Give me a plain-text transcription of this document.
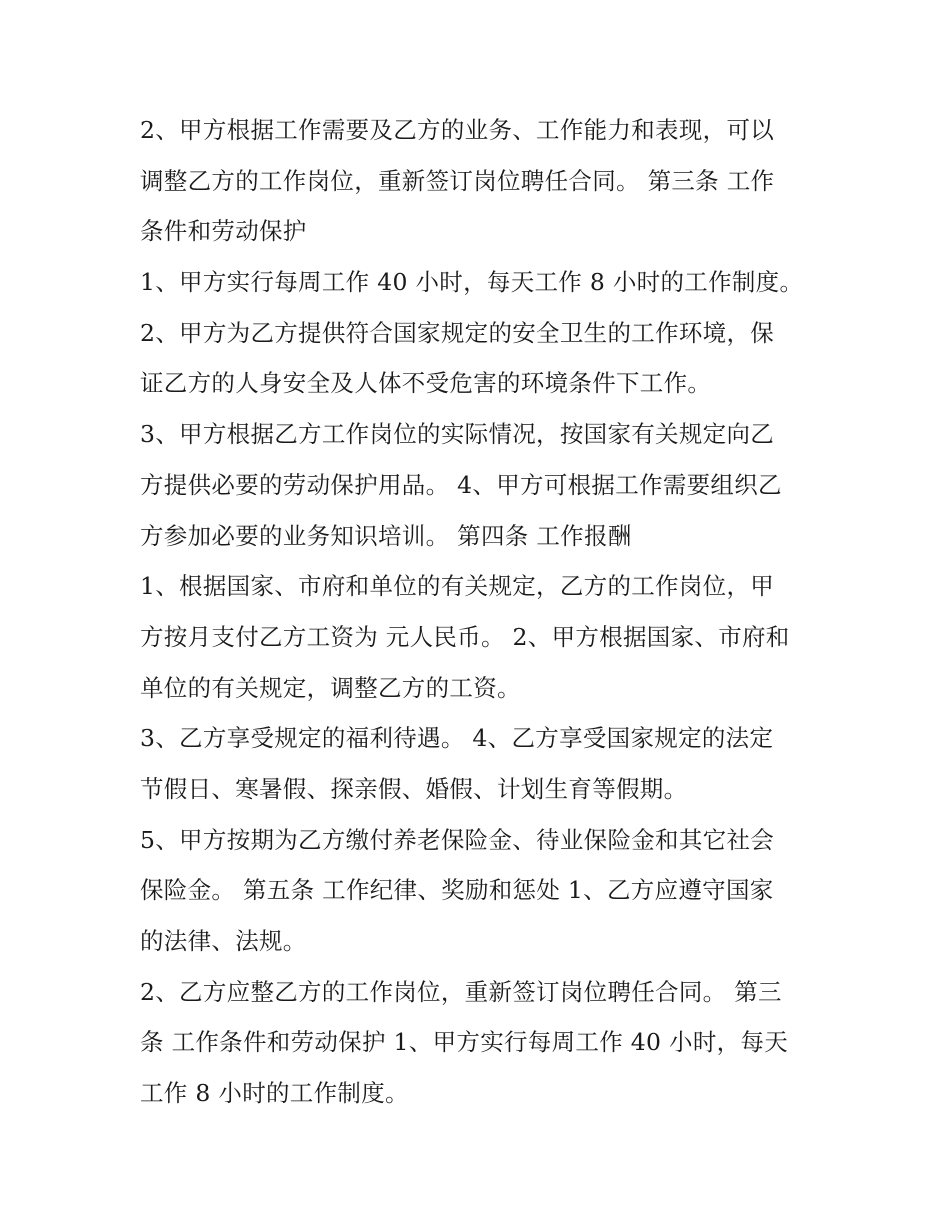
2、甲方根据工作需要及乙方的业务、工作能力和表现，可以
调整乙方的工作岗位，重新签订岗位聘任合同。 第三条 工作
条件和劳动保护
1、甲方实行每周工作 40 小时，每天工作 8 小时的工作制度。
2、甲方为乙方提供符合国家规定的安全卫生的工作环境，保
证乙方的人身安全及人体不受危害的环境条件下工作。
3、甲方根据乙方工作岗位的实际情况，按国家有关规定向乙
方提供必要的劳动保护用品。 4、甲方可根据工作需要组织乙
方参加必要的业务知识培训。 第四条 工作报酬
1、根据国家、市府和单位的有关规定，乙方的工作岗位，甲
方按月支付乙方工资为 元人民币。 2、甲方根据国家、市府和
单位的有关规定，调整乙方的工资。
3、乙方享受规定的福利待遇。 4、乙方享受国家规定的法定
节假日、寒暑假、探亲假、婚假、计划生育等假期。
5、甲方按期为乙方缴付养老保险金、待业保险金和其它社会
保险金。 第五条 工作纪律、奖励和惩处 1、乙方应遵守国家
的法律、法规。
2、乙方应整乙方的工作岗位，重新签订岗位聘任合同。 第三
条 工作条件和劳动保护 1、甲方实行每周工作 40 小时，每天
工作 8 小时的工作制度。
